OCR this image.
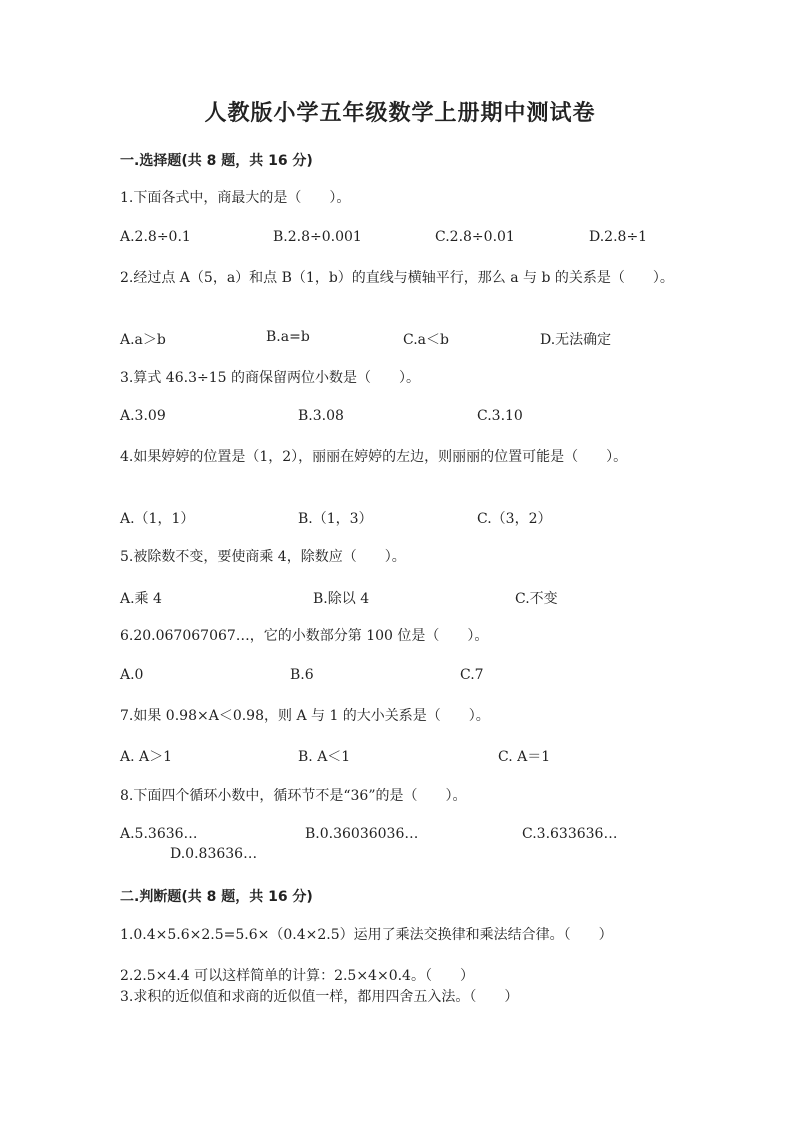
人教版小学五年级数学上册期中测试卷
一.选择题(共 8 题，共 16 分)
1.下面各式中，商最大的是（　　）。
A.2.8÷0.1	B.2.8÷0.001	C.2.8÷0.01	D.2.8÷1
2.经过点 A（5，a）和点 B（1，b）的直线与横轴平行，那么 a 与 b 的关系是（　　）。
A.a＞b	B.a=b	C.a＜b	D.无法确定
3.算式 46.3÷15 的商保留两位小数是（　　）。
A.3.09	B.3.08	C.3.10
4.如果婷婷的位置是（1，2），丽丽在婷婷的左边，则丽丽的位置可能是（　　）。
A.（1，1）	B.（1，3）	C.（3，2）
5.被除数不变，要使商乘 4，除数应（　　）。
A.乘 4	B.除以 4	C.不变
6.20.067067067…，它的小数部分第 100 位是（　　）。
A.0	B.6	C.7
7.如果 0.98×A＜0.98，则 A 与 1 的大小关系是（　　）。
A. A＞1	B. A＜1	C. A＝1
8.下面四个循环小数中，循环节不是“36”的是（　　）。
A.5.3636…	B.0.36036036…	C.3.633636…
D.0.83636…
二.判断题(共 8 题，共 16 分)
1.0.4×5.6×2.5=5.6×（0.4×2.5）运用了乘法交换律和乘法结合律。（　　）
2.2.5×4.4 可以这样简单的计算：2.5×4×0.4。（　　）
3.求积的近似值和求商的近似值一样，都用四舍五入法。（　　）
